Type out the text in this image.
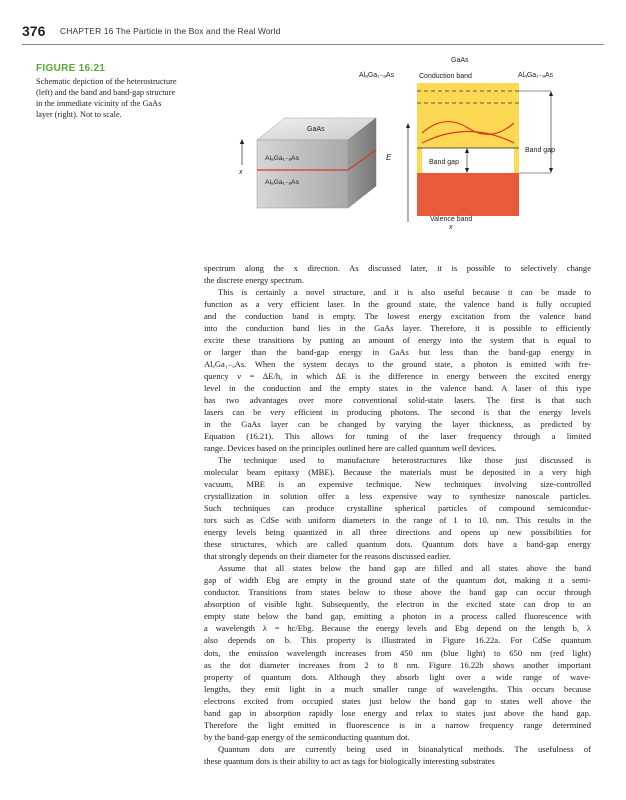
376 CHAPTER 16 The Particle in the Box and the Real World
FIGURE 16.21
Schematic depiction of the heterostructure
(left) and the band and band-gap structure
in the immediate vicinity of the GaAs
layer (right). Not to scale.
GaAs
AlₐGa₁₋ₐAs
AlₐGa₁₋ₐAs
x
GaAs
AlₐGa₁₋ₐAs	Conduction band	AlₐGa₁₋ₐAs
Band gap
Band gap
E
Valence band
x
spectrum along the x direction. As discussed later, it is possible to selectively change
the discrete energy spectrum.
This is certainly a novel structure, and it is also useful because it can be made to
function as a very efficient laser. In the ground state, the valence band is fully occupied
and the conduction band is empty. The lowest energy excitation from the valence band
into the conduction band lies in the GaAs layer. Therefore, it is possible to efficiently
excite these transitions by putting an amount of energy into the system that is equal to
or larger than the band-gap energy in GaAs but less than the band-gap energy in
AlₐGa₁₋ₐAs. When the system decays to the ground state, a photon is emitted with fre-
quency ν = ΔE/h, in which ΔE is the difference in energy between the excited energy
level in the conduction and the empty states in the valence band. A laser of this type
has two advantages over more conventional solid-state lasers. The first is that such
lasers can be very efficient in producing photons. The second is that the energy levels
in the GaAs layer can be changed by varying the layer thickness, as predicted by
Equation (16.21). This allows for tuning of the laser frequency through a limited
range. Devices based on the principles outlined here are called quantum well devices.
The technique used to manufacture heterostructures like those just discussed is
molecular beam epitaxy (MBE). Because the materials must be deposited in a very high
vacuum, MBE is an expensive technique. New techniques involving size-controlled
crystallization in solution offer a less expensive way to synthesize nanoscale particles.
Such techniques can produce crystalline spherical particles of compound semiconduc-
tors such as CdSe with uniform diameters in the range of 1 to 10. nm. This results in the
energy levels being quantized in all three directions and opens up new possibilities for
these structures, which are called quantum dots. Quantum dots have a band-gap energy
that strongly depends on their diameter for the reasons discussed earlier.
Assume that all states below the band gap are filled and all states above the band
gap of width Ebg are empty in the ground state of the quantum dot, making it a semi-
conductor. Transitions from states below to those above the band gap can occur through
absorption of visible light. Subsequently, the electron in the excited state can drop to an
empty state below the band gap, emitting a photon in a process called fluorescence with
a wavelength λ = hc/Ebg. Because the energy levels and Ebg depend on the length b, λ
also depends on b. This property is illustrated in Figure 16.22a. For CdSe quantum
dots, the emission wavelength increases from 450 nm (blue light) to 650 nm (red light)
as the dot diameter increases from 2 to 8 nm. Figure 16.22b shows another important
property of quantum dots. Although they absorb light over a wide range of wave-
lengths, they emit light in a much smaller range of wavelengths. This occurs because
electrons excited from occupied states just below the band gap to states well above the
band gap in absorption rapidly lose energy and relax to states just above the band gap.
Therefore the light emitted in fluorescence is in a narrow frequency range determined
by the band-gap energy of the semiconducting quantum dot.
Quantum dots are currently being used in bioanalytical methods. The usefulness of
these quantum dots is their ability to act as tags for biologically interesting substrates
